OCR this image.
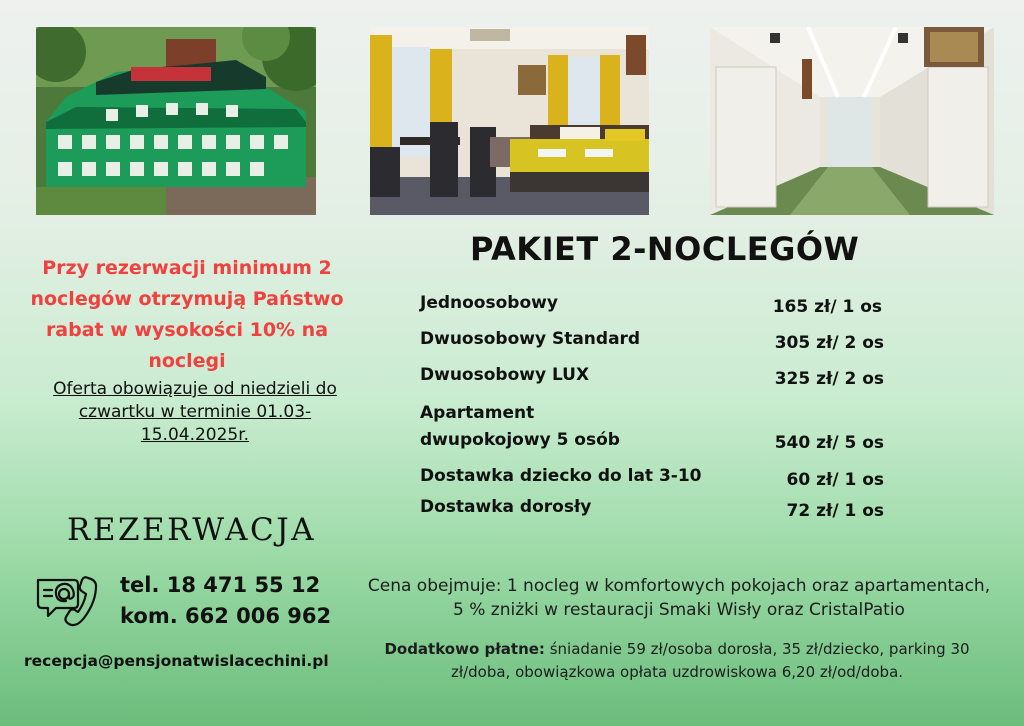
Przy rezerwacji minimum 2 noclegów otrzymują Państwo rabat w wysokości 10% na noclegi
Oferta obowiązuje od niedzieli do czwartku w terminie 01.03-15.04.2025r.
PAKIET 2-NOCLEGÓW
Jednoosobowy	165 zł/ 1 os
Dwuosobowy Standard	305 zł/ 2 os
Dwuosobowy LUX	325 zł/ 2 os
Apartament
dwupokojowy 5 osób	540 zł/ 5 os
Dostawka dziecko do lat 3-10	60 zł/ 1 os
Dostawka dorosły	72 zł/ 1 os
REZERWACJA
tel. 18 471 55 12
kom. 662 006 962
recepcja@pensjonatwislacechini.pl
Cena obejmuje: 1 nocleg w komfortowych pokojach oraz apartamentach, 5 % zniżki w restauracji Smaki Wisły oraz CristalPatio
Dodatkowo płatne: śniadanie 59 zł/osoba dorosła, 35 zł/dziecko, parking 30 zł/doba, obowiązkowa opłata uzdrowiskowa 6,20 zł/od/doba.
